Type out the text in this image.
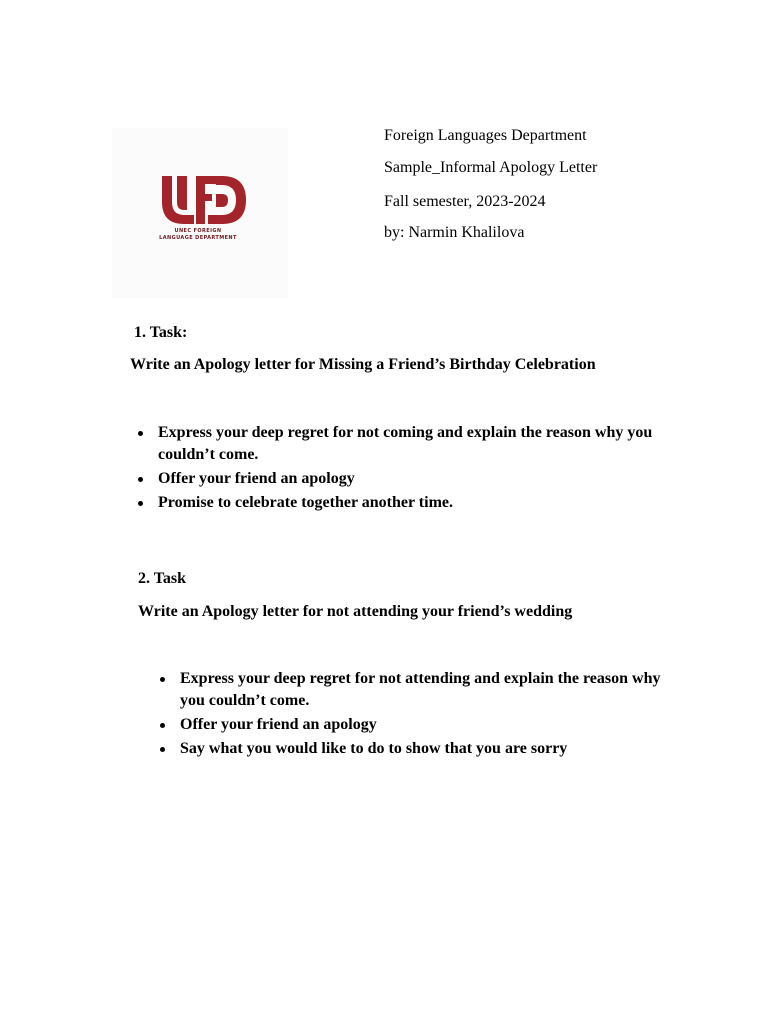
UNEC FOREIGN
LANGUAGE DEPARTMENT
Foreign Languages Department
Sample_Informal Apology Letter
Fall semester, 2023-2024
by: Narmin Khalilova
1. Task:
Write an Apology letter for Missing a Friend’s Birthday Celebration
Express your deep regret for not coming and explain the reason why you couldn’t come.
Offer your friend an apology
Promise to celebrate together another time.
2. Task
Write an Apology letter for not attending your friend’s wedding
Express your deep regret for not attending and explain the reason why you couldn’t come.
Offer your friend an apology
Say what you would like to do to show that you are sorry
